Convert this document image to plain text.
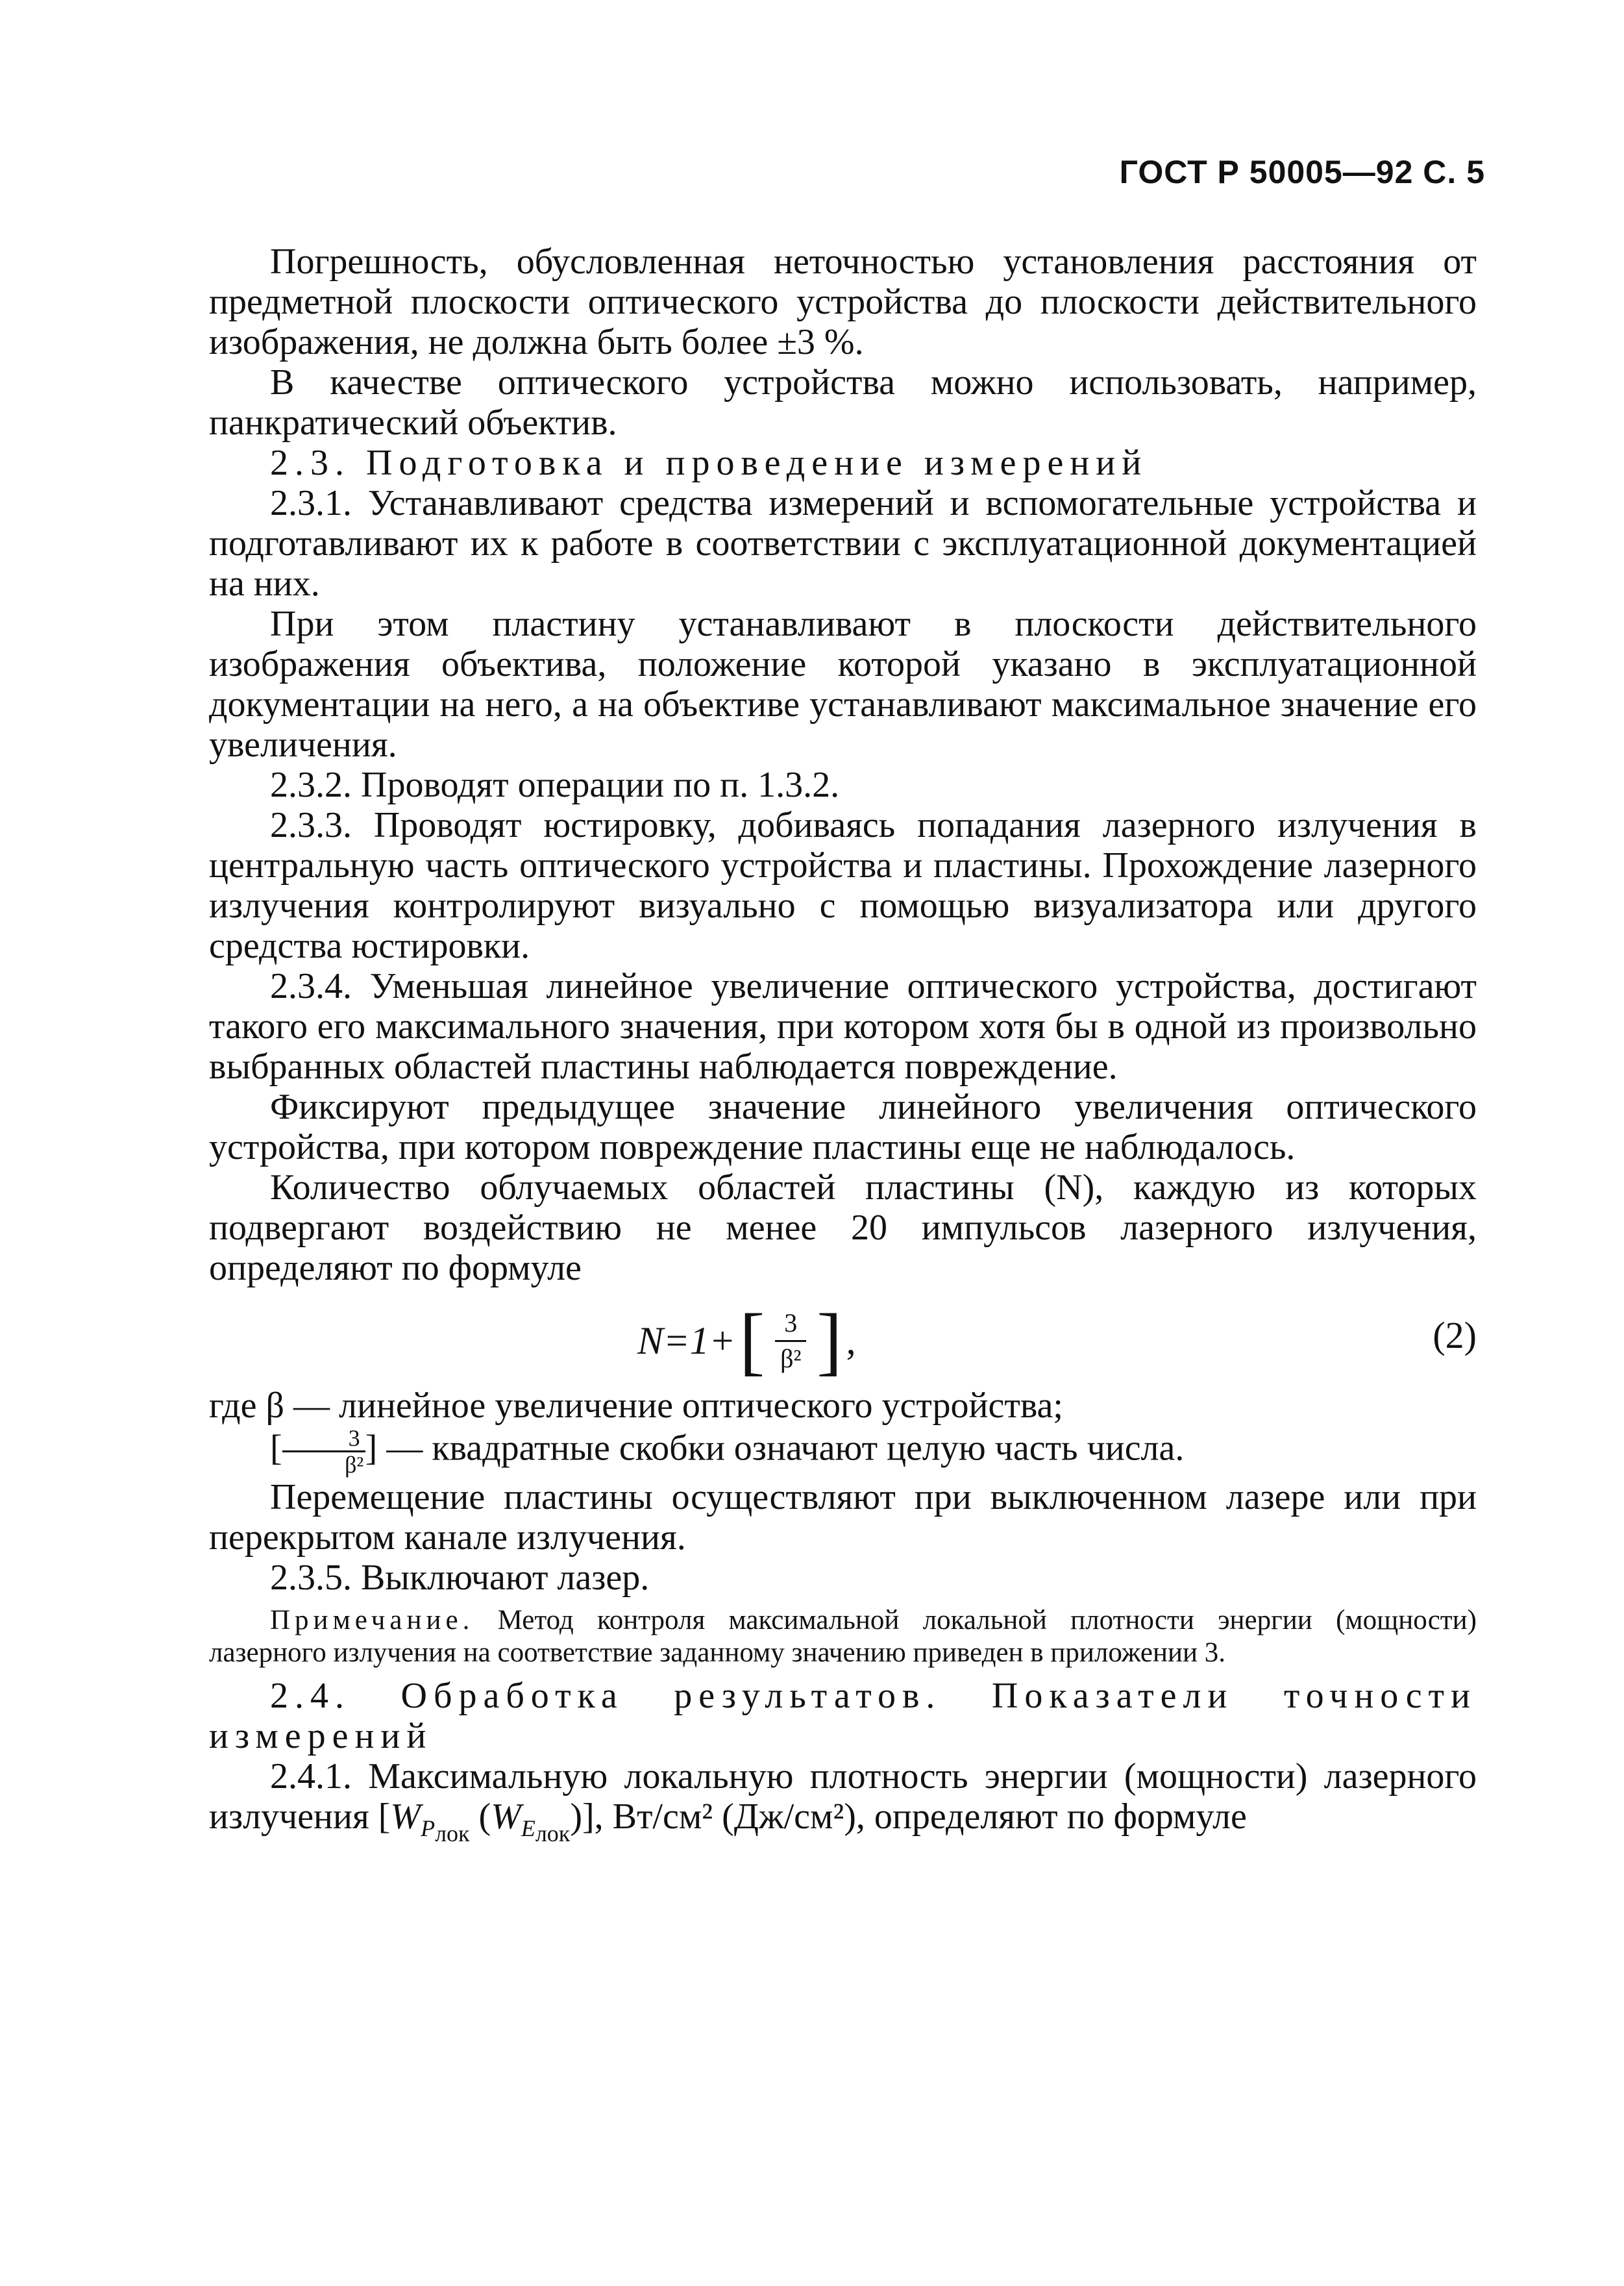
ГОСТ Р 50005—92 С. 5

Погрешность, обусловленная неточностью установления расстояния от предметной плоскости оптического устройства до плоскости действительного изображения, не должна быть более ±3 %.

В качестве оптического устройства можно использовать, например, панкратический объектив.

2.3. Подготовка и проведение измерений

2.3.1. Устанавливают средства измерений и вспомогательные устройства и подготавливают их к работе в соответствии с эксплуатационной документацией на них.

При этом пластину устанавливают в плоскости действительного изображения объектива, положение которой указано в эксплуатационной документации на него, а на объективе устанавливают максимальное значение его увеличения.

2.3.2. Проводят операции по п. 1.3.2.

2.3.3. Проводят юстировку, добиваясь попадания лазерного излучения в центральную часть оптического устройства и пластины. Прохождение лазерного излучения контролируют визуально с помощью визуализатора или другого средства юстировки.

2.3.4. Уменьшая линейное увеличение оптического устройства, достигают такого его максимального значения, при котором хотя бы в одной из произвольно выбранных областей пластины наблюдается повреждение.

Фиксируют предыдущее значение линейного увеличения оптического устройства, при котором повреждение пластины еще не наблюдалось.

Количество облучаемых областей пластины (N), каждую из которых подвергают воздействию не менее 20 импульсов лазерного излучения, определяют по формуле

N=1+ [ $\frac{3}{\text{β²}}$ ] ,	(2)

где β — линейное увеличение оптического устройства;

[ $\frac{3}{\text{β²}}$ ] — квадратные скобки означают целую часть числа.

Перемещение пластины осуществляют при выключенном лазере или при перекрытом канале излучения.

2.3.5. Выключают лазер.

Примечание. Метод контроля максимальной локальной плотности энергии (мощности) лазерного излучения на соответствие заданному значению приведен в приложении 3.

2.4. Обработка результатов. Показатели точности измерений

2.4.1. Максимальную локальную плотность энергии (мощности) лазерного излучения [$W_{P_{лок}}$ $(W_{E_{лок}})$], Вт/см² (Дж/см²), определяют по формуле
